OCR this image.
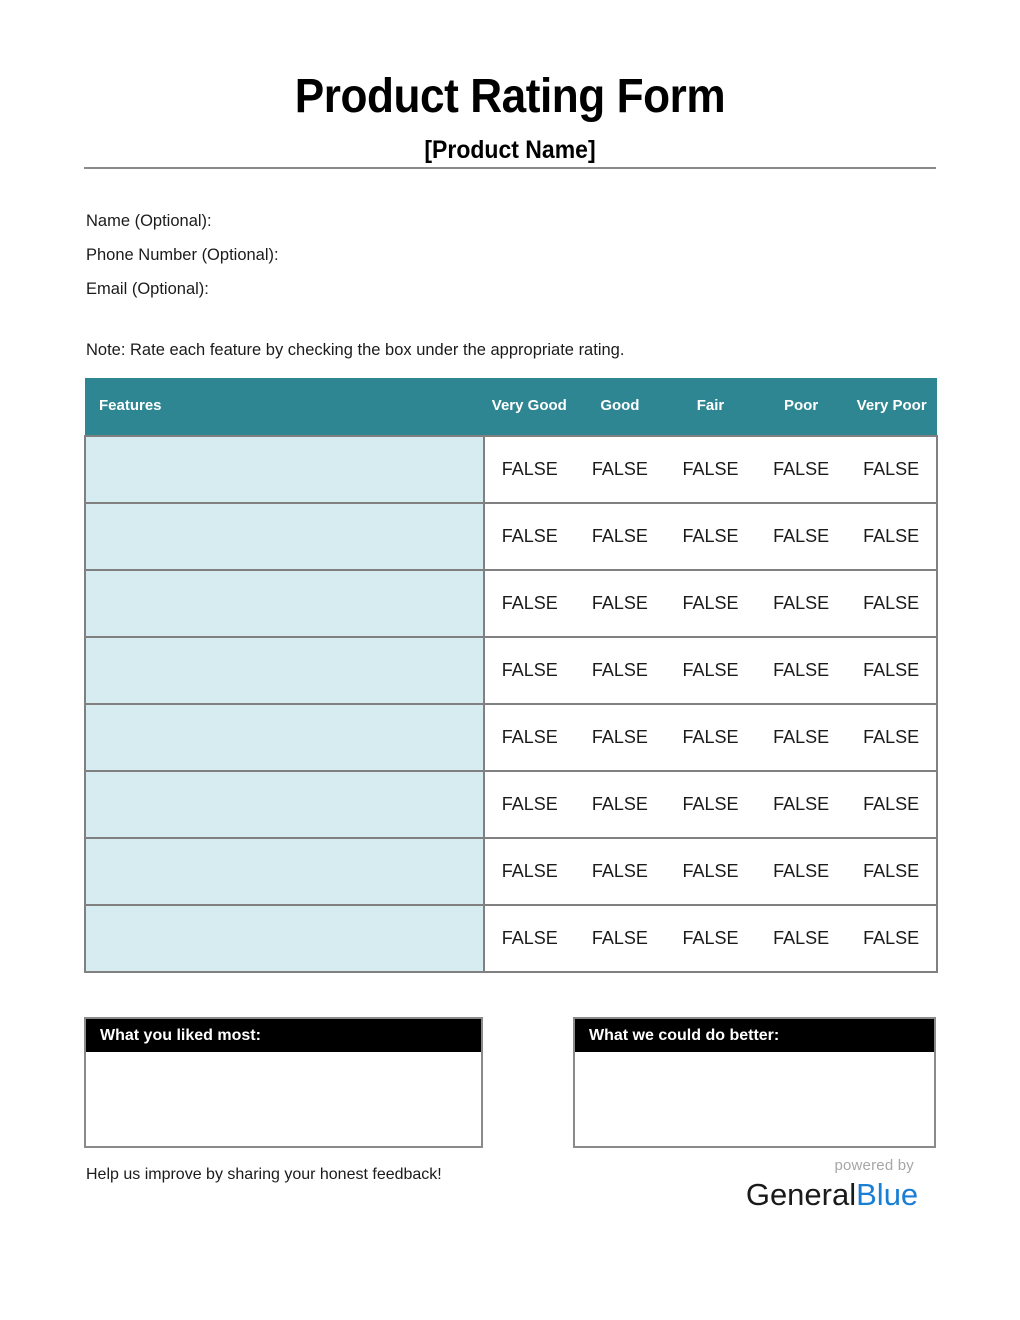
Product Rating Form
[Product Name]
Name (Optional):
Phone Number (Optional):
Email (Optional):
Note: Rate each feature by checking the box under the appropriate rating.
Features	Very Good	Good	Fair	Poor	Very Poor
	FALSE	FALSE	FALSE	FALSE	FALSE
	FALSE	FALSE	FALSE	FALSE	FALSE
	FALSE	FALSE	FALSE	FALSE	FALSE
	FALSE	FALSE	FALSE	FALSE	FALSE
	FALSE	FALSE	FALSE	FALSE	FALSE
	FALSE	FALSE	FALSE	FALSE	FALSE
	FALSE	FALSE	FALSE	FALSE	FALSE
	FALSE	FALSE	FALSE	FALSE	FALSE
What you liked most:	What we could do better:
Help us improve by sharing your honest feedback!
powered by
GeneralBlue
